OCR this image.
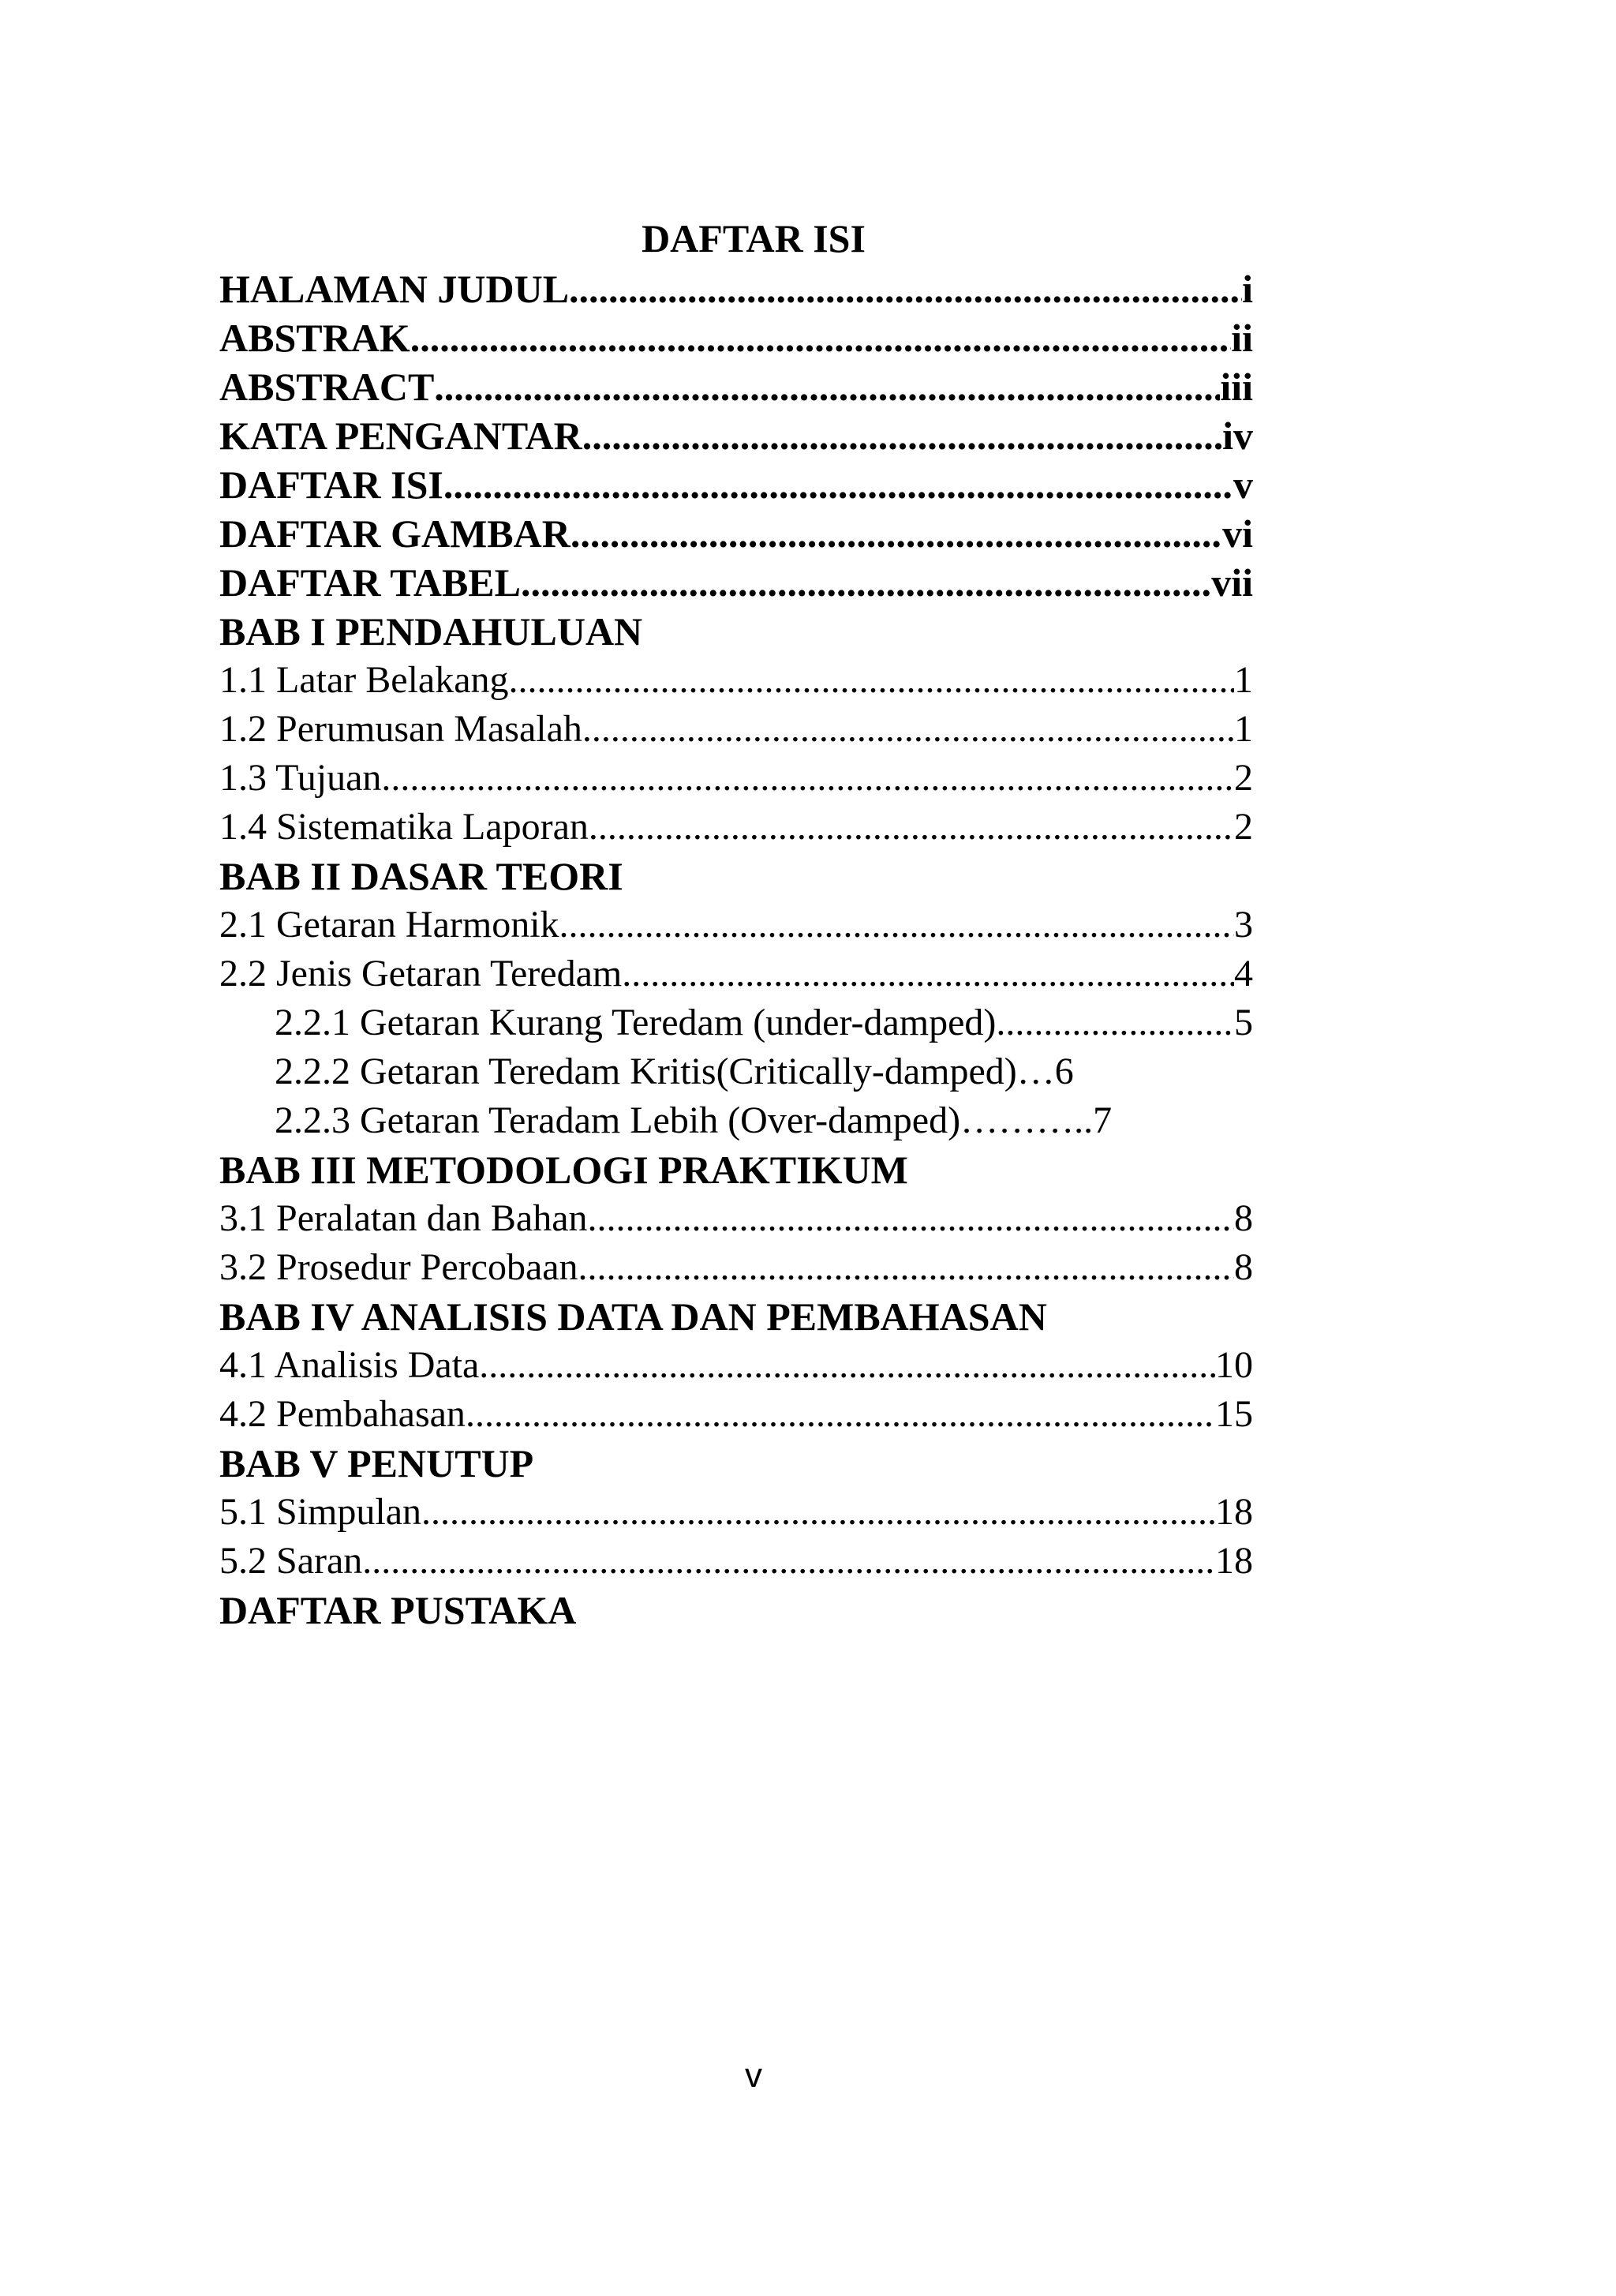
DAFTAR ISI
HALAMAN JUDUL .....	i
ABSTRAK .....	ii
ABSTRACT .....	iii
KATA PENGANTAR .....	iv
DAFTAR ISI .....	v
DAFTAR GAMBAR .....	vi
DAFTAR TABEL .....	vii
BAB I PENDAHULUAN
1.1 Latar Belakang .....	1
1.2 Perumusan Masalah .....	1
1.3 Tujuan .....	2
1.4 Sistematika Laporan .....	2
BAB II DASAR TEORI
2.1 Getaran Harmonik .....	3
2.2 Jenis Getaran Teredam .....	4
2.2.1 Getaran Kurang Teredam (under-damped) .....	5
2.2.2 Getaran Teredam Kritis(Critically-damped)…6
2.2.3 Getaran Teradam Lebih (Over-damped)………..7
BAB III METODOLOGI PRAKTIKUM
3.1 Peralatan dan Bahan .....	8
3.2 Prosedur Percobaan .....	8
BAB IV ANALISIS DATA DAN PEMBAHASAN
4.1 Analisis Data .....	10
4.2 Pembahasan .....	15
BAB V PENUTUP
5.1 Simpulan .....	18
5.2 Saran .....	18
DAFTAR PUSTAKA
v
